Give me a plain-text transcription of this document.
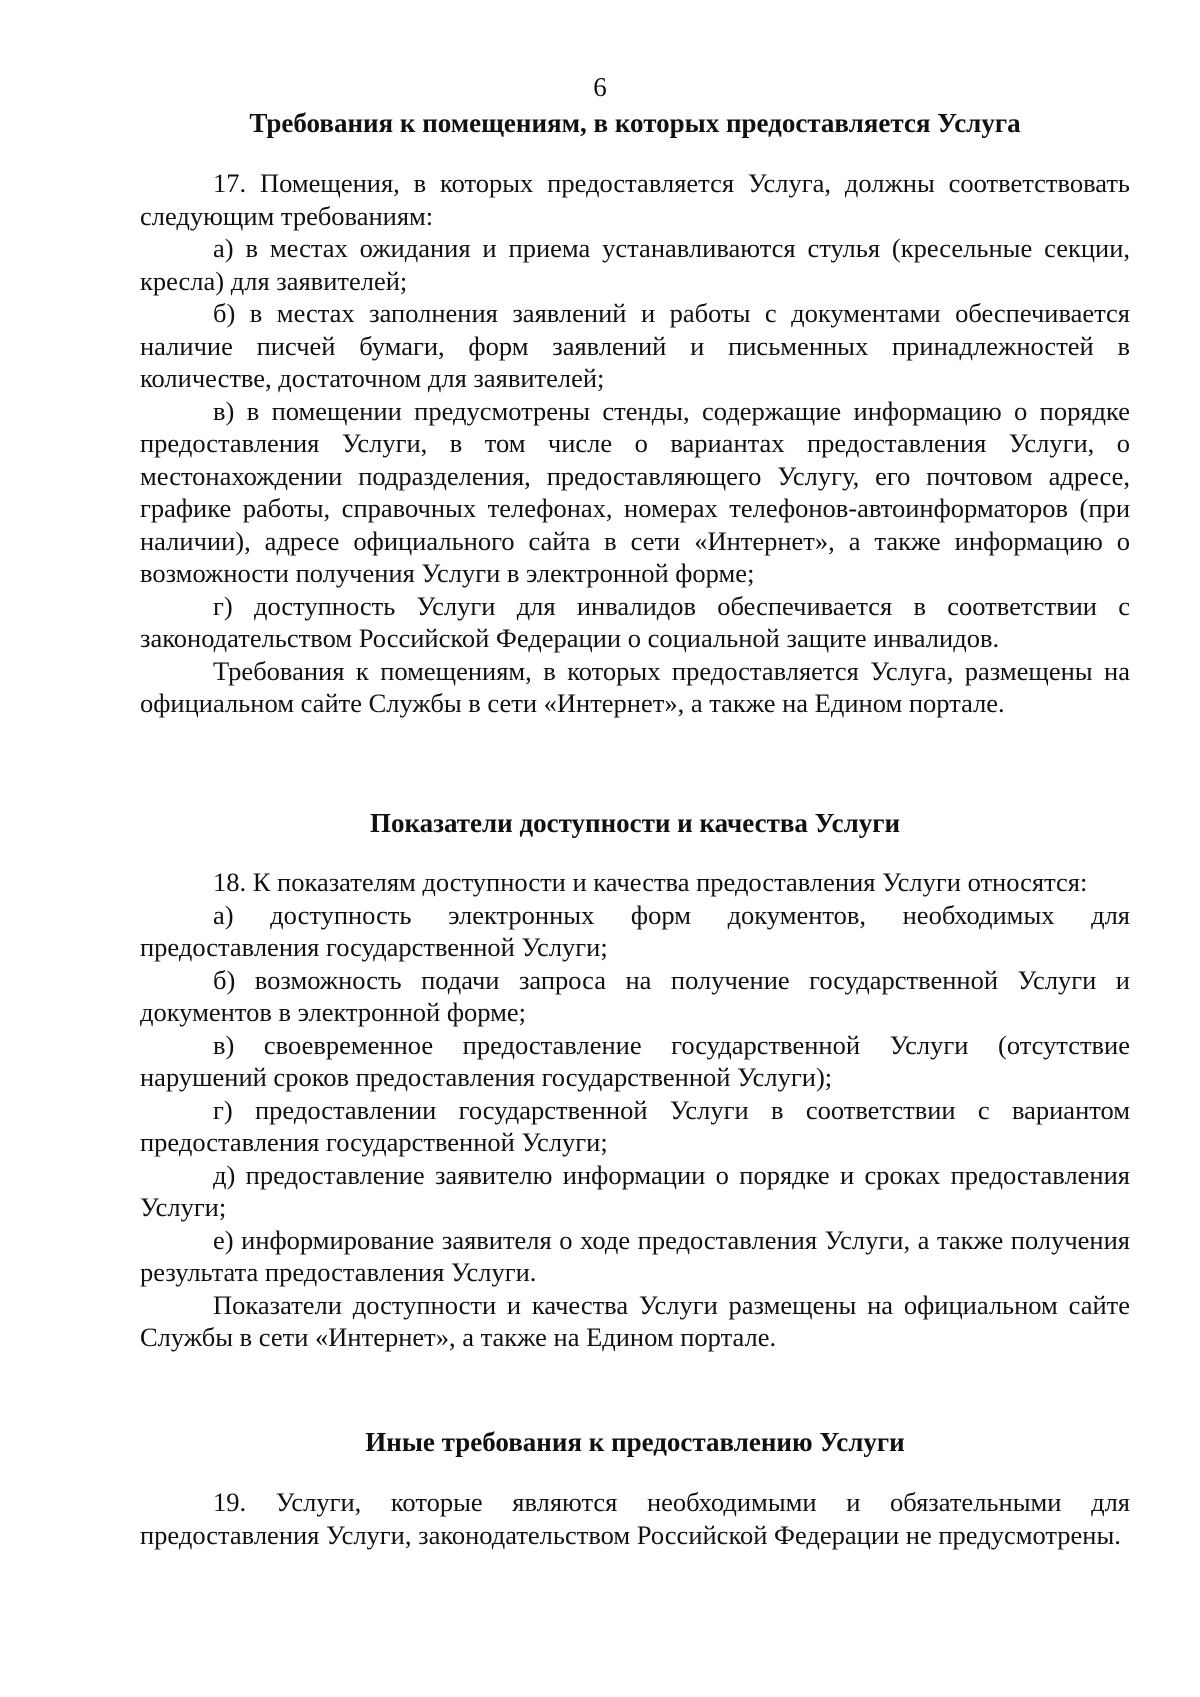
6
Требования к помещениям, в которых предоставляется Услуга

17. Помещения, в которых предоставляется Услуга, должны соответствовать следующим требованиям:

а) в местах ожидания и приема устанавливаются стулья (кресельные секции, кресла) для заявителей;

б) в местах заполнения заявлений и работы с документами обеспечивается наличие писчей бумаги, форм заявлений и письменных принадлежностей в количестве, достаточном для заявителей;

в) в помещении предусмотрены стенды, содержащие информацию о порядке предоставления Услуги, в том числе о вариантах предоставления Услуги, о местонахождении подразделения, предоставляющего Услугу, его почтовом адресе, графике работы, справочных телефонах, номерах телефонов-автоинформаторов (при наличии), адресе официального сайта в сети «Интернет», а также информацию о возможности получения Услуги в электронной форме;

г) доступность Услуги для инвалидов обеспечивается в соответствии с законодательством Российской Федерации о социальной защите инвалидов.

Требования к помещениям, в которых предоставляется Услуга, размещены на официальном сайте Службы в сети «Интернет», а также на Едином портале.

Показатели доступности и качества Услуги

18. К показателям доступности и качества предоставления Услуги относятся:

а) доступность электронных форм документов, необходимых для предоставления государственной Услуги;

б) возможность подачи запроса на получение государственной Услуги и документов в электронной форме;

в) своевременное предоставление государственной Услуги (отсутствие нарушений сроков предоставления государственной Услуги);

г) предоставлении государственной Услуги в соответствии с вариантом предоставления государственной Услуги;

д) предоставление заявителю информации о порядке и сроках предоставления Услуги;

е) информирование заявителя о ходе предоставления Услуги, а также получения результата предоставления Услуги.

Показатели доступности и качества Услуги размещены на официальном сайте Службы в сети «Интернет», а также на Едином портале.

Иные требования к предоставлению Услуги

19. Услуги, которые являются необходимыми и обязательными для предоставления Услуги, законодательством Российской Федерации не предусмотрены.
